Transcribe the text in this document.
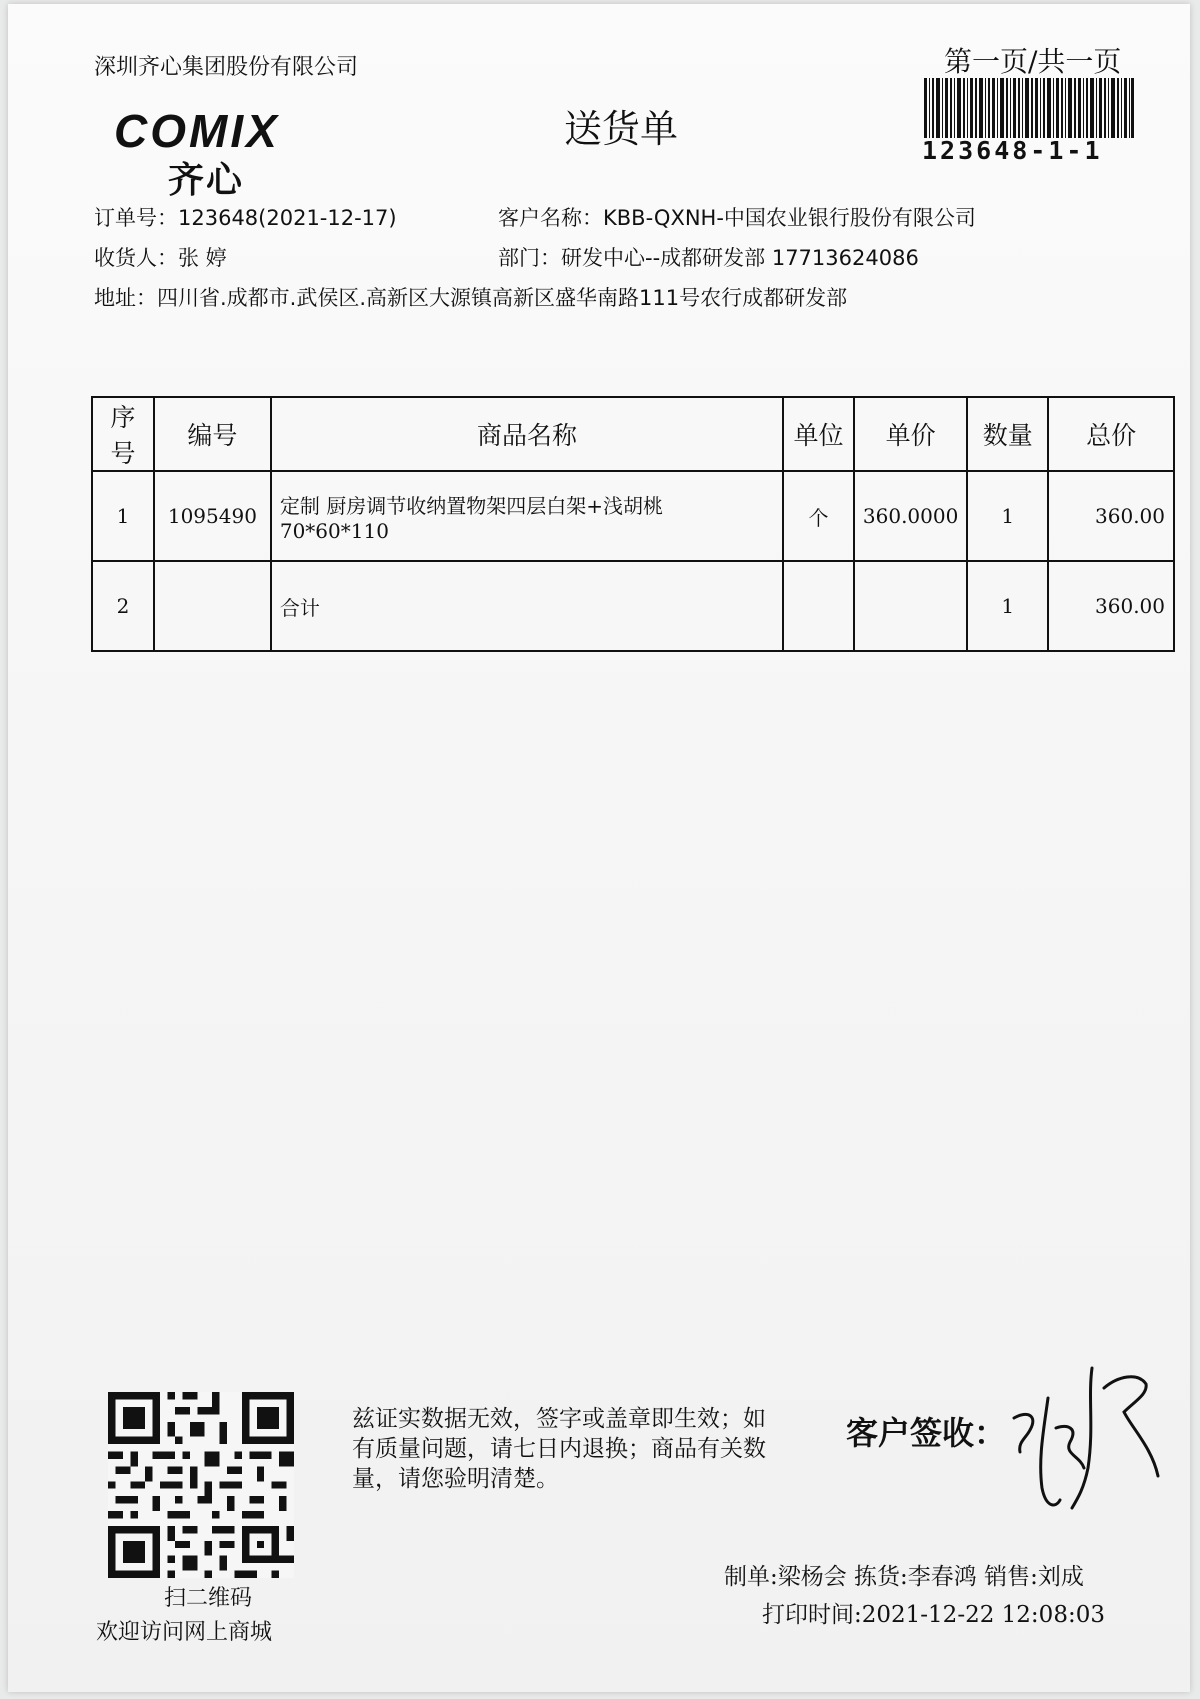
深圳齐心集团股份有限公司	第一页/共一页
COMIX
齐心
送货单	123648-1-1
订单号：123648(2021-12-17)	客户名称：KBB-QXNH-中国农业银行股份有限公司
收货人：张 婷	部门：研发中心--成都研发部 17713624086
地址：四川省.成都市.武侯区.高新区大源镇高新区盛华南路111号农行成都研发部
序号	编号	商品名称	单位	单价	数量	总价
1	1095490	定制 厨房调节收纳置物架四层白架+浅胡桃
70*60*110	个	360.0000	1	360.00
2		合计			1	360.00
扫二维码
欢迎访问网上商城
兹证实数据无效，签字或盖章即生效；如有质量问题，请七日内退换；商品有关数量，请您验明清楚。
客户签收：
制单:梁杨会 拣货:李春鸿 销售:刘成
打印时间:2021-12-22 12:08:03
